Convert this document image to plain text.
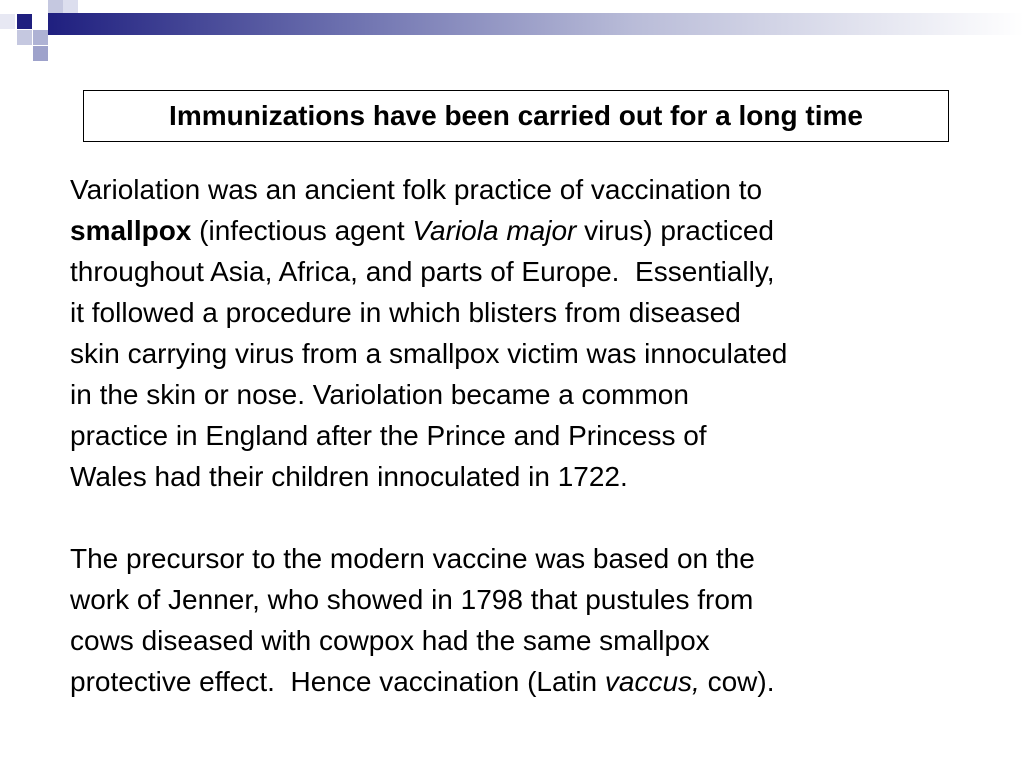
Immunizations have been carried out for a long time
Variolation was an ancient folk practice of vaccination to
smallpox (infectious agent Variola major virus) practiced
throughout Asia, Africa, and parts of Europe.  Essentially,
it followed a procedure in which blisters from diseased
skin carrying virus from a smallpox victim was innoculated
in the skin or nose. Variolation became a common
practice in England after the Prince and Princess of
Wales had their children innoculated in 1722.
The precursor to the modern vaccine was based on the
work of Jenner, who showed in 1798 that pustules from
cows diseased with cowpox had the same smallpox
protective effect.  Hence vaccination (Latin vaccus, cow).
